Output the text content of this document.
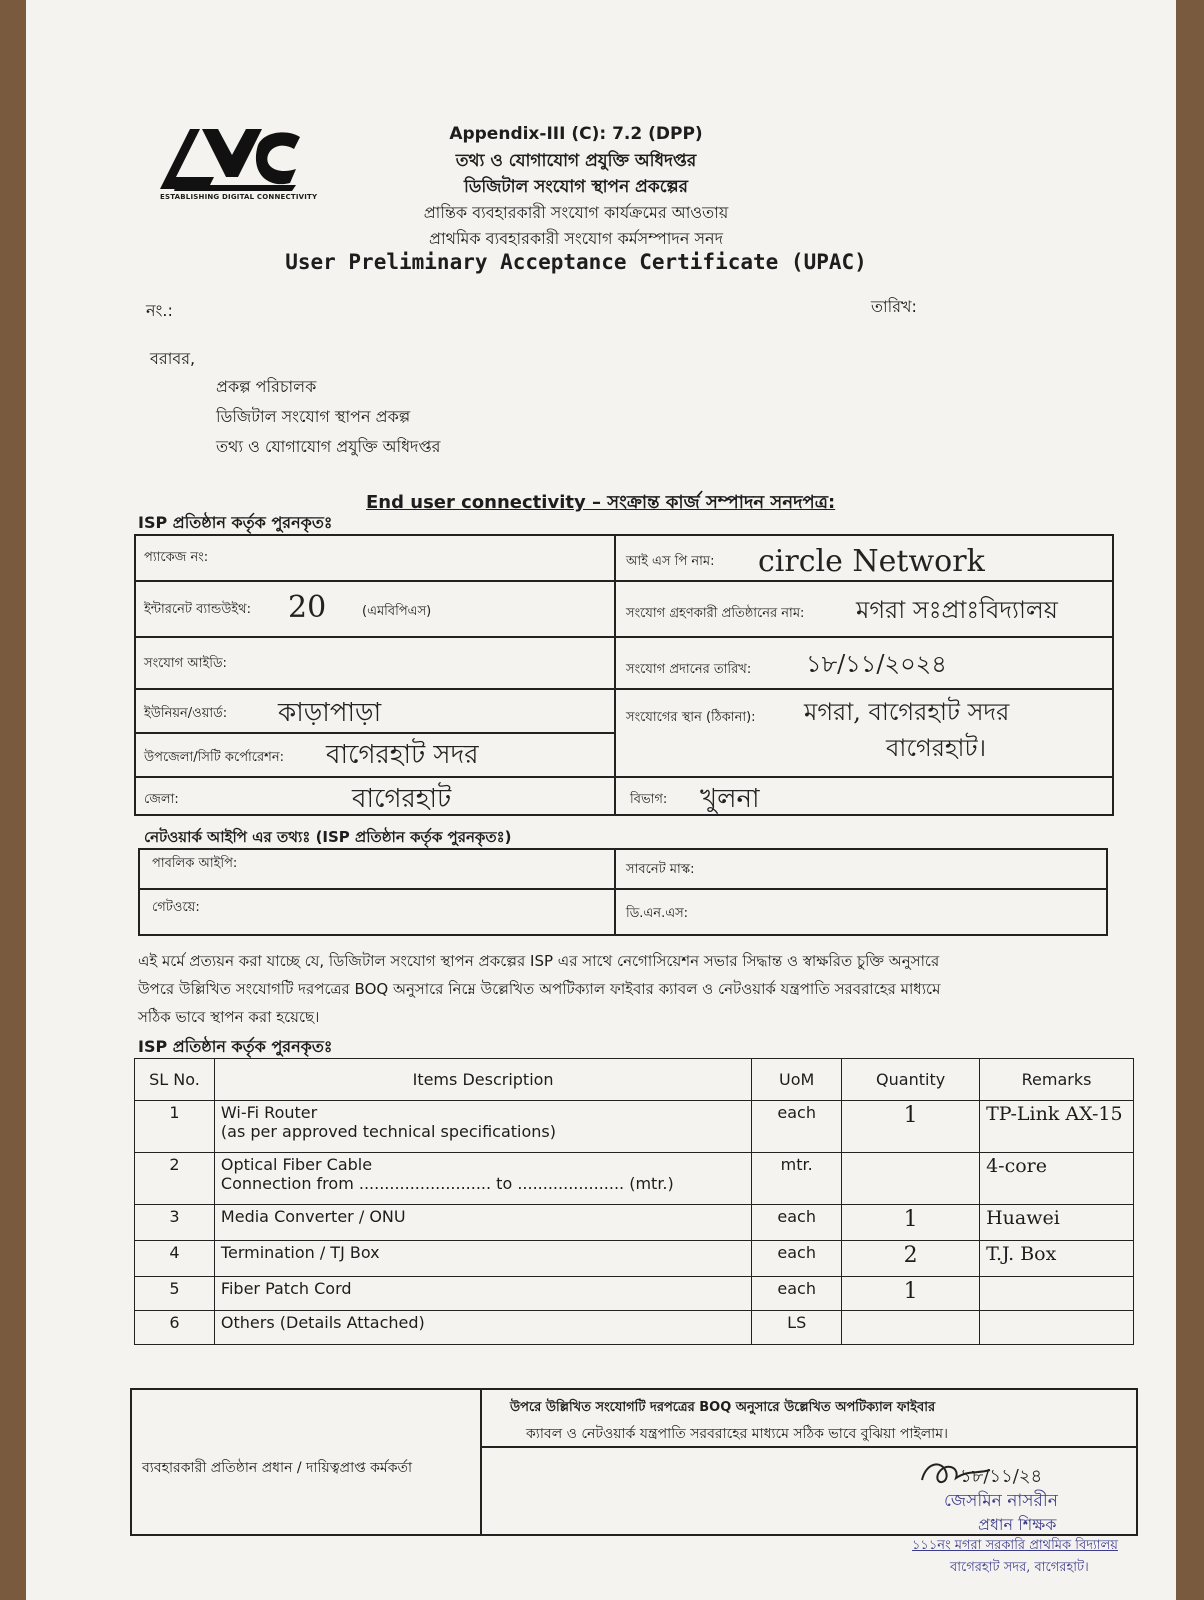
ESTABLISHING DIGITAL CONNECTIVITY
Appendix-III (C): 7.2 (DPP)
তথ্য ও যোগাযোগ প্রযুক্তি অধিদপ্তর
ডিজিটাল সংযোগ স্থাপন প্রকল্পের
প্রান্তিক ব্যবহারকারী সংযোগ কার্যক্রমের আওতায়
প্রাথমিক ব্যবহারকারী সংযোগ কর্মসম্পাদন সনদ
User Preliminary Acceptance Certificate (UPAC)
নং.:	তারিখ:
বরাবর,
প্রকল্প পরিচালক
ডিজিটাল সংযোগ স্থাপন প্রকল্প
তথ্য ও যোগাযোগ প্রযুক্তি অধিদপ্তর
End user connectivity – সংক্রান্ত কার্জ সম্পাদন সনদপত্র:
ISP প্রতিষ্ঠান কর্তৃক পুরনকৃতঃ
প্যাকেজ নং:	আই এস পি নাম: circle Network
ইন্টারনেট ব্যান্ডউইথ: 20	(এমবিপিএস)	সংযোগ গ্রহণকারী প্রতিষ্ঠানের নাম: মগরা সঃপ্রাঃবিদ্যালয়
সংযোগ আইডি:	সংযোগ প্রদানের তারিখ: ১৮/১১/২০২৪
ইউনিয়ন/ওয়ার্ড: কাড়াপাড়া	সংযোগের স্থান (ঠিকানা): মগরা, বাগেরহাট সদর
বাগেরহাট।
উপজেলা/সিটি কর্পোরেশন: বাগেরহাট সদর
জেলা:	বাগেরহাট	বিভাগ: খুলনা
নেটওয়ার্ক আইপি এর তথ্যঃ (ISP প্রতিষ্ঠান কর্তৃক পুরনকৃতঃ)
পাবলিক আইপি:	সাবনেট মাস্ক:
গেটওয়ে:	ডি.এন.এস:
এই মর্মে প্রত্যয়ন করা যাচ্ছে যে, ডিজিটাল সংযোগ স্থাপন প্রকল্পের ISP এর সাথে নেগোসিয়েশন সভার সিদ্ধান্ত ও স্বাক্ষরিত চুক্তি অনুসারে
উপরে উল্লিখিত সংযোগটি দরপত্রের BOQ অনুসারে নিম্নে উল্লেখিত অপটিক্যাল ফাইবার ক্যাবল ও নেটওয়ার্ক যন্ত্রপাতি সরবরাহের মাধ্যমে
সঠিক ভাবে স্থাপন করা হয়েছে।
ISP প্রতিষ্ঠান কর্তৃক পুরনকৃতঃ
SL No.	Items Description	UoM	Quantity	Remarks
1	Wi-Fi Router
(as per approved technical specifications)	each	1	TP-Link AX-15
2	Optical Fiber Cable
Connection from .......................... to ..................... (mtr.)	mtr.		4-core
3	Media Converter / ONU	each	1	Huawei
4	Termination / TJ Box	each	2	T.J. Box
5	Fiber Patch Cord	each	1	
6	Others (Details Attached)	LS		
ব্যবহারকারী প্রতিষ্ঠান প্রধান / দায়িত্বপ্রাপ্ত কর্মকর্তা
উপরে উল্লিখিত সংযোগটি দরপত্রের BOQ অনুসারে উল্লেখিত অপটিক্যাল ফাইবার
ক্যাবল ও নেটওয়ার্ক যন্ত্রপাতি সরবরাহের মাধ্যমে সঠিক ভাবে বুঝিয়া পাইলাম।
১৮/১১/২৪
জেসমিন নাসরীন
প্রধান শিক্ষক
১১১নং মগরা সরকারি প্রাথমিক বিদ্যালয়
বাগেরহাট সদর, বাগেরহাট।
